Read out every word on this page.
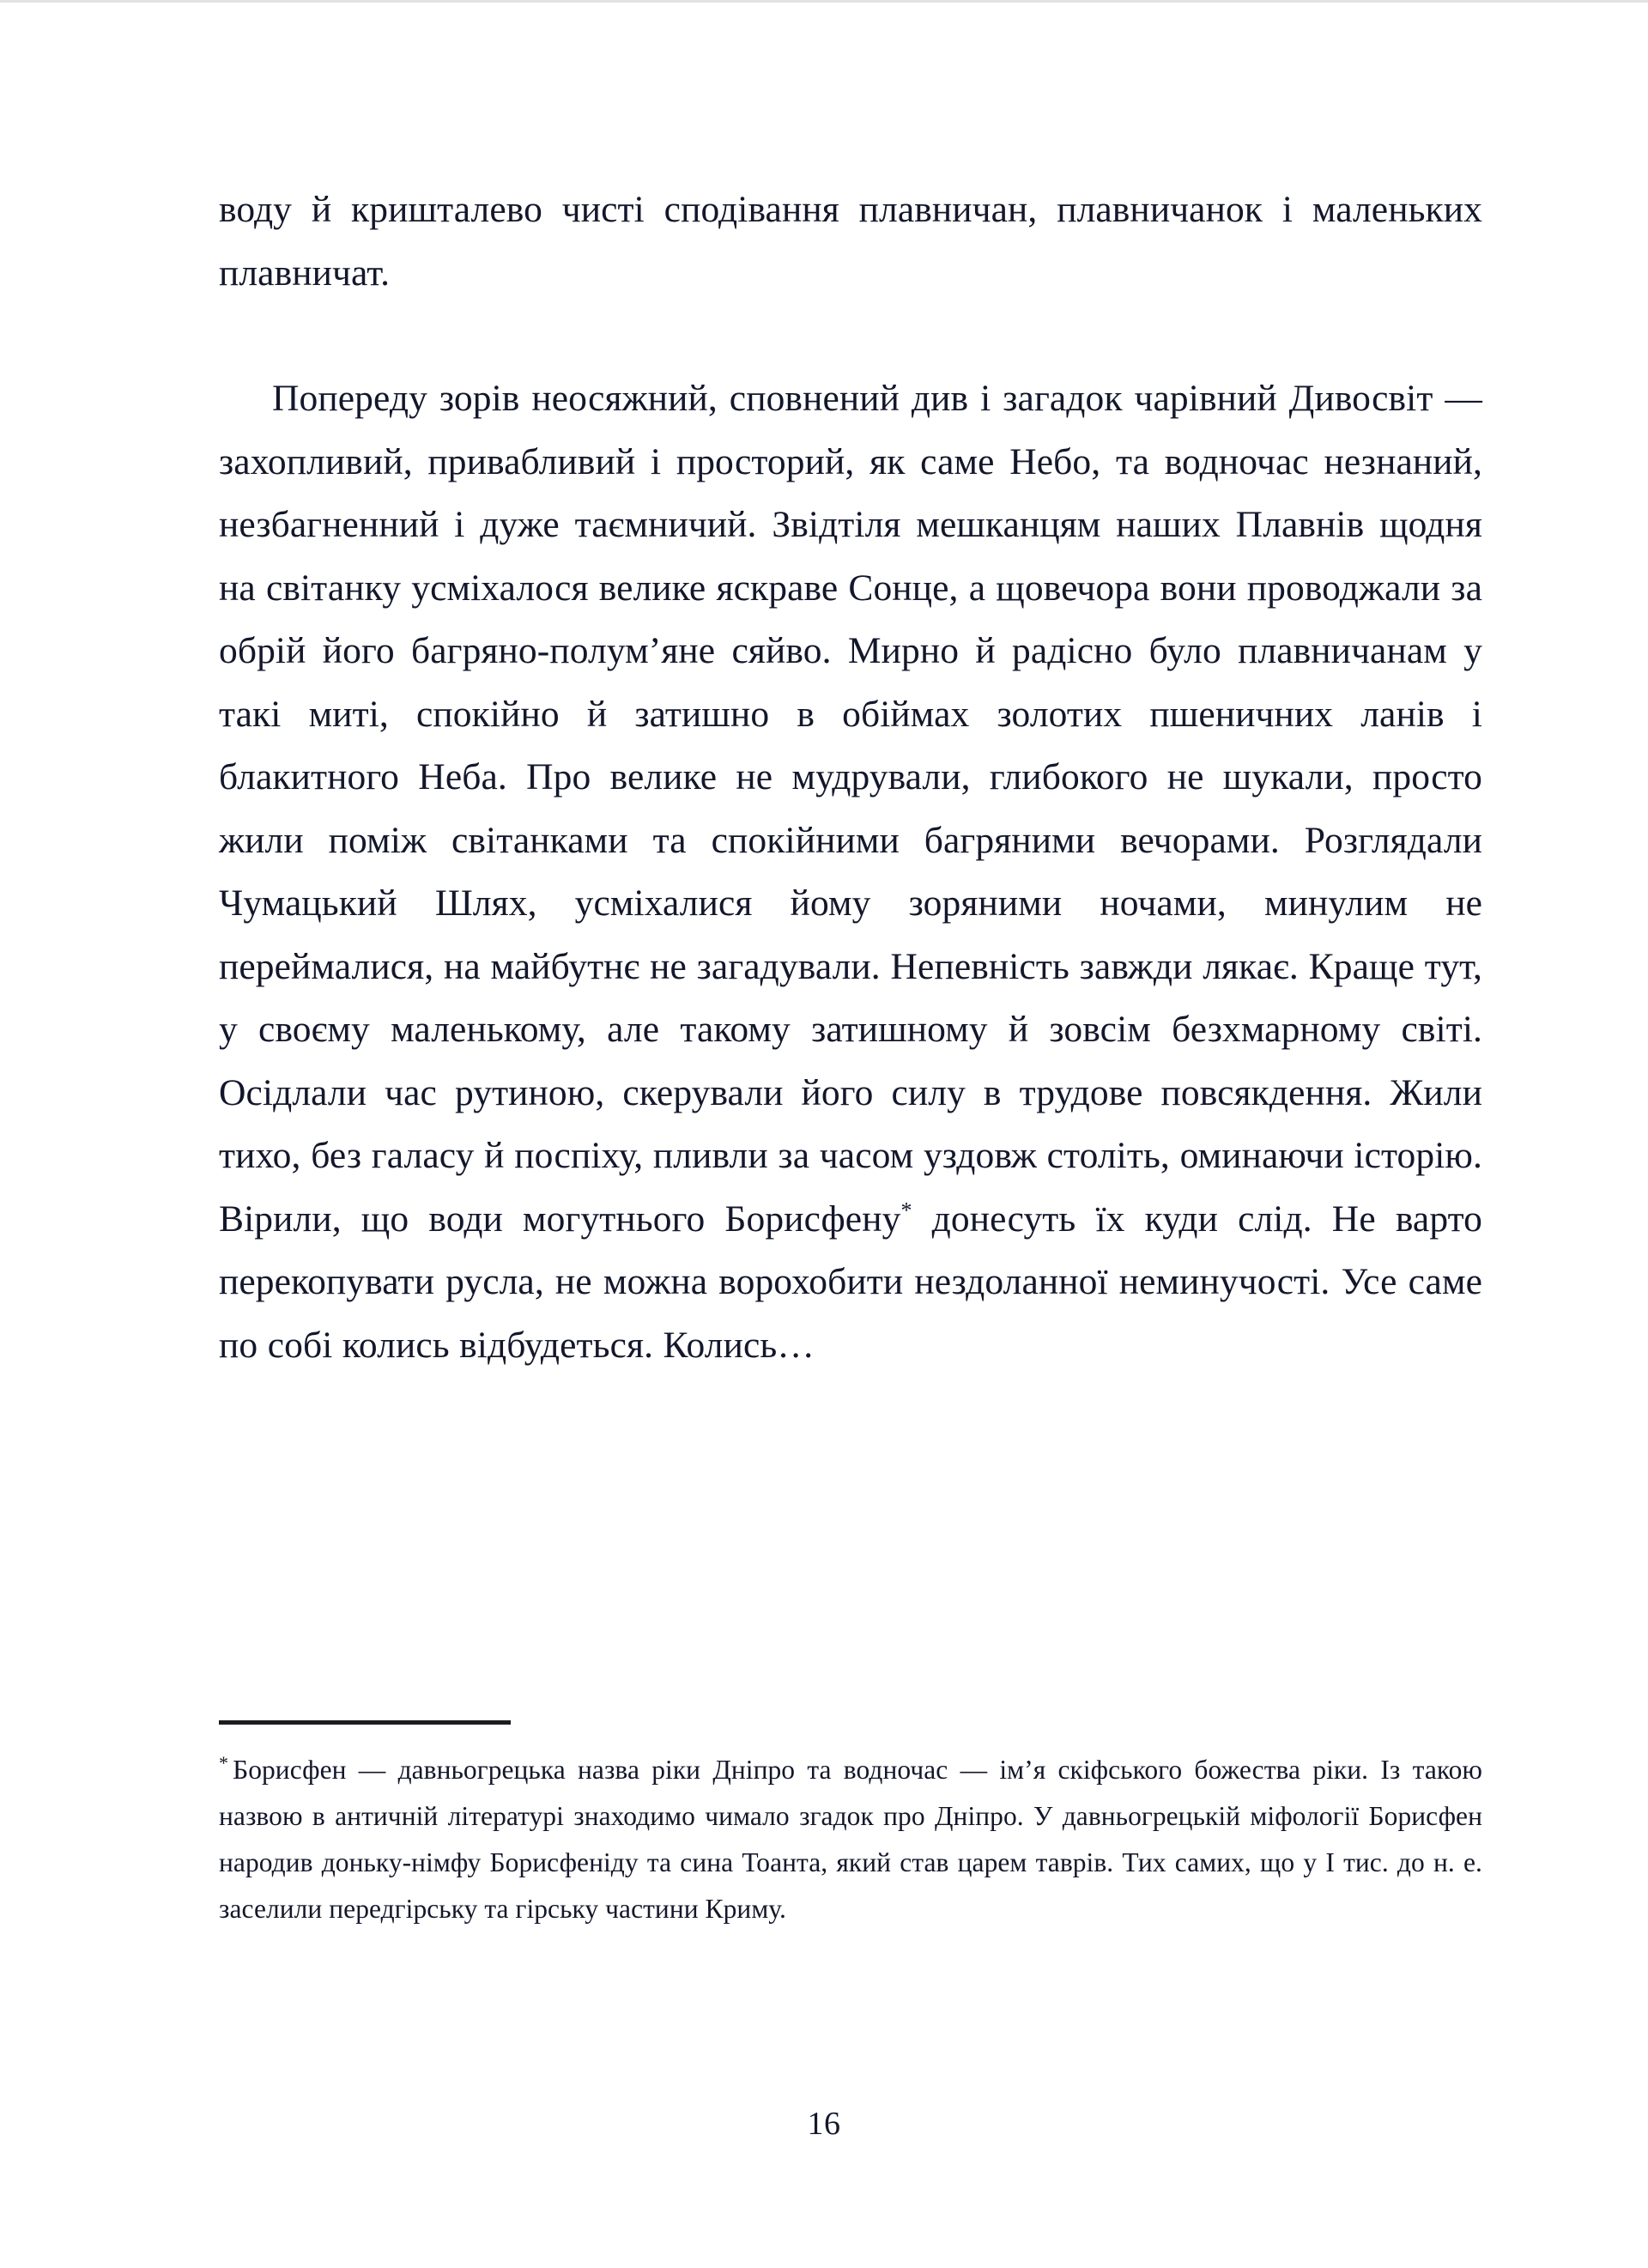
воду й кришталево чисті сподівання плавничан, плавничанок і маленьких плавничат.

Попереду зорів неосяжний, сповнений див і загадок чарівний Дивосвіт — захопливий, привабливий і просторий, як саме Небо, та водночас незнаний, незбагненний і дуже таємничий. Звідтіля мешканцям наших Плавнів щодня на світанку усміхалося велике яскраве Сонце, а щовечора вони проводжали за обрій його багряно-полум’яне сяйво. Мирно й радісно було плавничанам у такі миті, спокійно й затишно в обіймах золотих пшеничних ланів і блакитного Неба. Про велике не мудрували, глибокого не шукали, просто жили поміж світанками та спокійними багряними вечорами. Розглядали Чумацький Шлях, усміхалися йому зоряними ночами, минулим не переймалися, на майбутнє не загадували. Непевність завжди лякає. Краще тут, у своєму маленькому, але такому затишному й зовсім безхмарному світі. Осідлали час рутиною, скерували його силу в трудове повсякдення. Жили тихо, без галасу й поспіху, пливли за часом уздовж століть, оминаючи історію. Вірили, що води могутнього Борисфену* донесуть їх куди слід. Не варто перекопувати русла, не можна ворохобити нездоланної неминучості. Усе саме по собі колись відбудеться. Колись…

* Борисфен — давньогрецька назва ріки Дніпро та водночас — ім’я скіфського божества ріки. Із такою назвою в античній літературі знаходимо чимало згадок про Дніпро. У давньогрецькій міфології Борисфен народив доньку-німфу Борисфеніду та сина Тоанта, який став царем таврів. Тих самих, що у I тис. до н. е. заселили передгірську та гірську частини Криму.

16
